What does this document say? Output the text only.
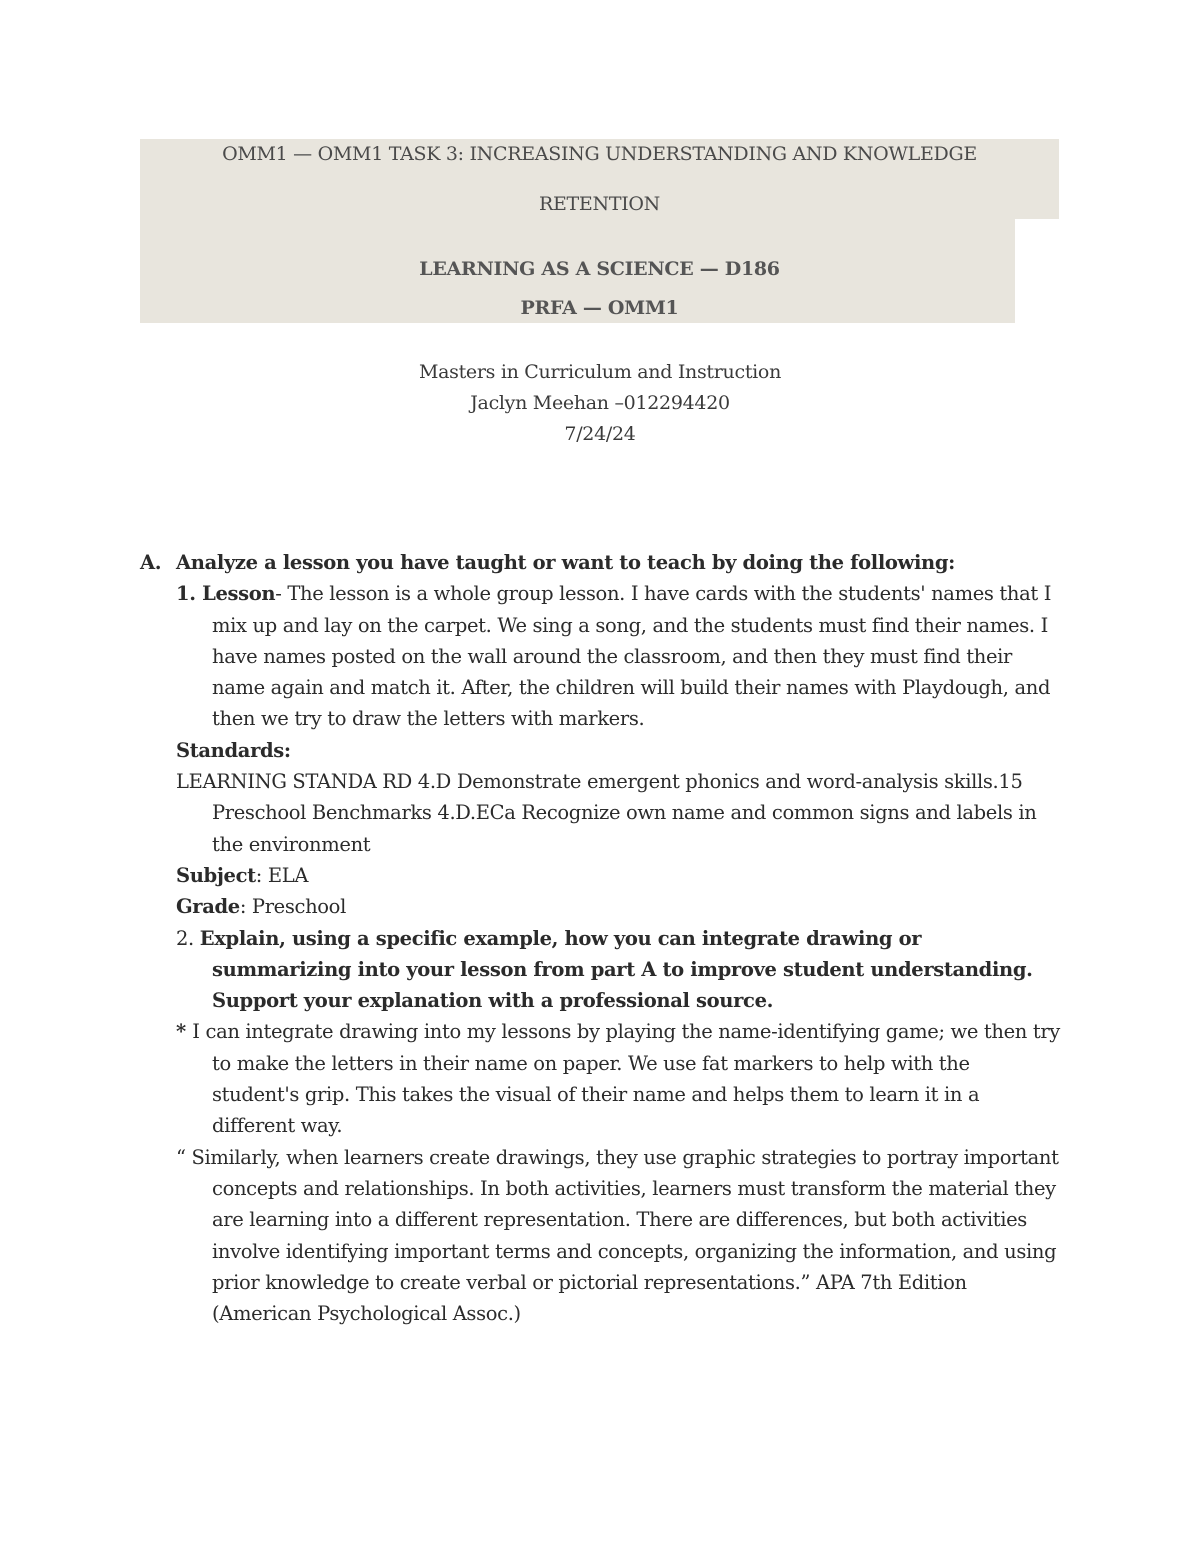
OMM1 — OMM1 TASK 3: INCREASING UNDERSTANDING AND KNOWLEDGE
RETENTION
LEARNING AS A SCIENCE — D186
PRFA — OMM1
Masters in Curriculum and Instruction
Jaclyn Meehan –012294420
7/24/24
A. Analyze a lesson you have taught or want to teach by doing the following:

1. Lesson- The lesson is a whole group lesson. I have cards with the students' names that I mix up and lay on the carpet. We sing a song, and the students must find their names. I have names posted on the wall around the classroom, and then they must find their name again and match it. After, the children will build their names with Playdough, and then we try to draw the letters with markers.

Standards:

LEARNING STANDA RD 4.D Demonstrate emergent phonics and word-analysis skills.15 Preschool Benchmarks 4.D.ECa Recognize own name and common signs and labels in the environment

Subject: ELA

Grade: Preschool

2. Explain, using a specific example, how you can integrate drawing or summarizing into your lesson from part A to improve student understanding. Support your explanation with a professional source.

* I can integrate drawing into my lessons by playing the name-identifying game; we then try to make the letters in their name on paper. We use fat markers to help with the student's grip. This takes the visual of their name and helps them to learn it in a different way.

“ Similarly, when learners create drawings, they use graphic strategies to portray important concepts and relationships. In both activities, learners must transform the material they are learning into a different representation. There are differences, but both activities involve identifying important terms and concepts, organizing the information, and using prior knowledge to create verbal or pictorial representations.” APA 7th Edition (American Psychological Assoc.)
